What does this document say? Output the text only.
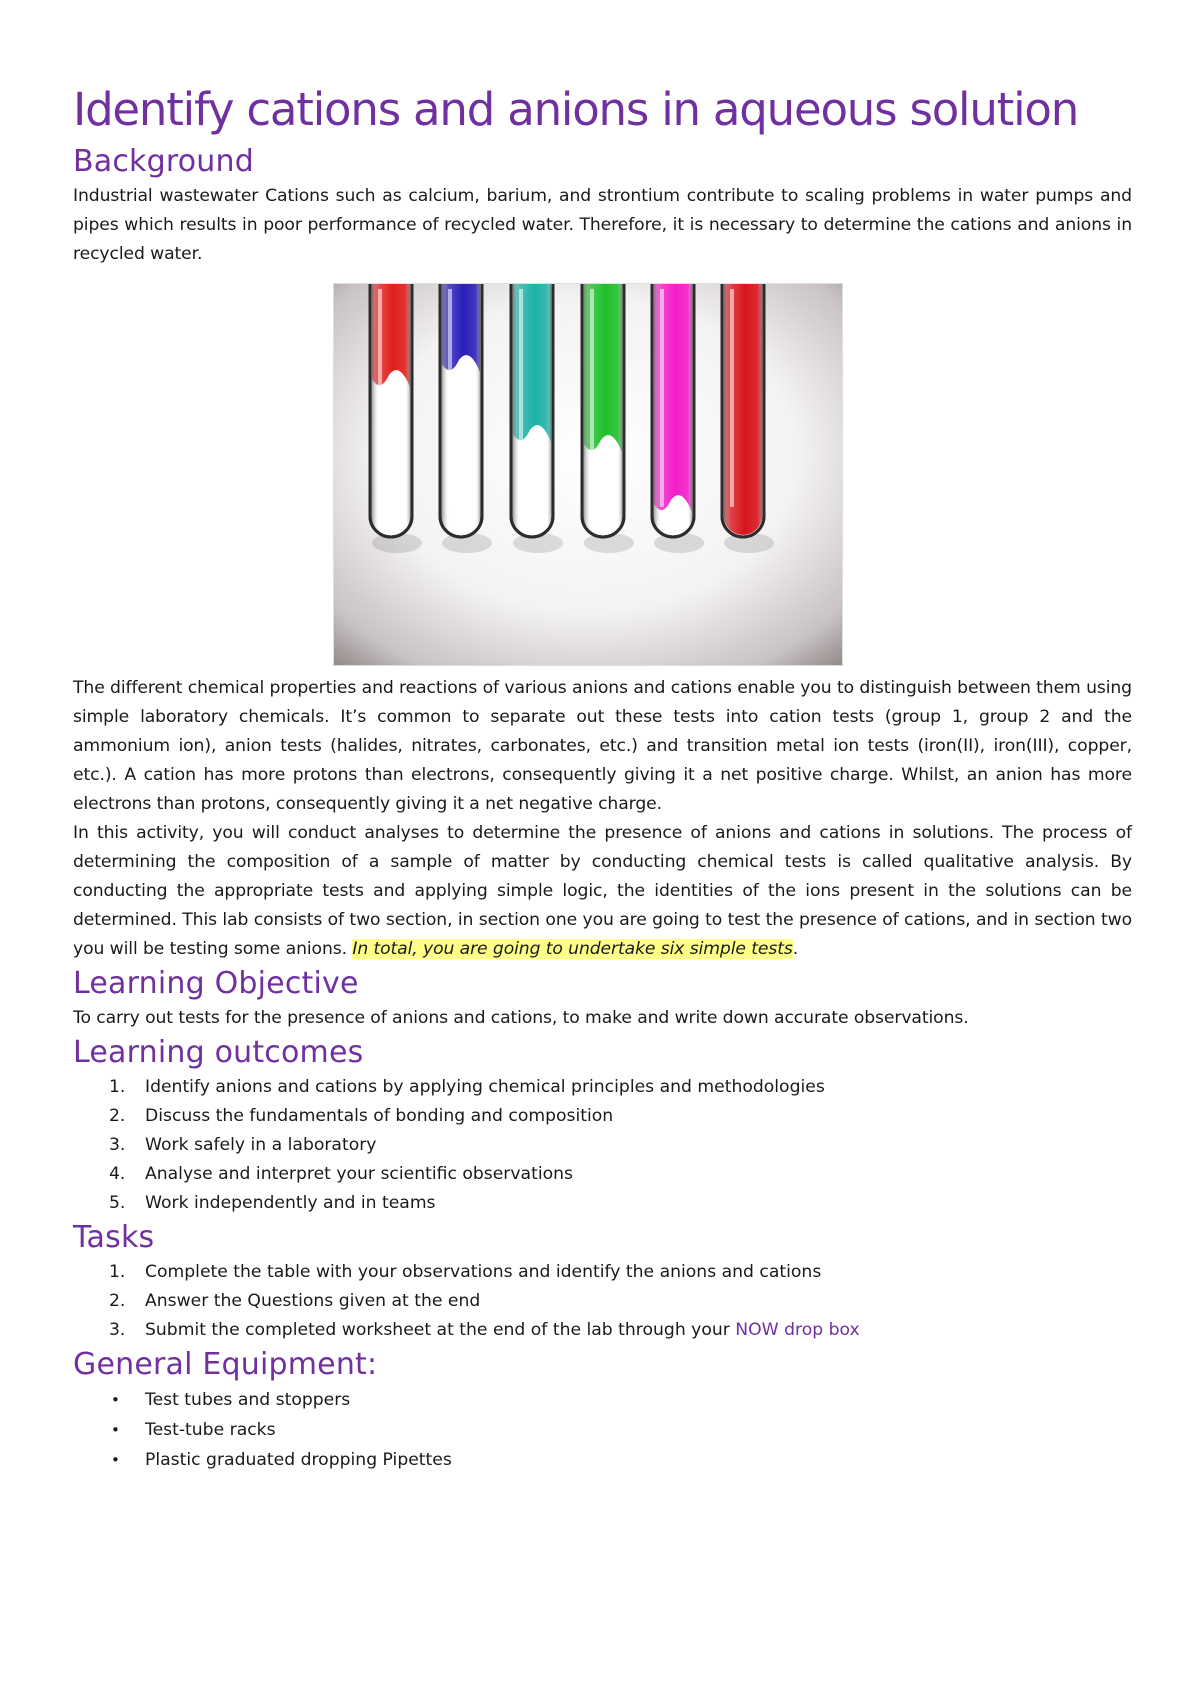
Identify cations and anions in aqueous solution
Background

Industrial wastewater Cations such as calcium, barium, and strontium contribute to scaling problems in water pumps and pipes which results in poor performance of recycled water. Therefore, it is necessary to determine the cations and anions in recycled water.

The different chemical properties and reactions of various anions and cations enable you to distinguish between them using simple laboratory chemicals. It’s common to separate out these tests into cation tests (group 1, group 2 and the ammonium ion), anion tests (halides, nitrates, carbonates, etc.) and transition metal ion tests (iron(II), iron(III), copper, etc.). A cation has more protons than electrons, consequently giving it a net positive charge. Whilst, an anion has more electrons than protons, consequently giving it a net negative charge.

In this activity, you will conduct analyses to determine the presence of anions and cations in solutions. The process of determining the composition of a sample of matter by conducting chemical tests is called qualitative analysis. By conducting the appropriate tests and applying simple logic, the identities of the ions present in the solutions can be determined. This lab consists of two section, in section one you are going to test the presence of cations, and in section two you will be testing some anions. In total, you are going to undertake six simple tests.

Learning Objective

To carry out tests for the presence of anions and cations, to make and write down accurate observations.

Learning outcomes
1. Identify anions and cations by applying chemical principles and methodologies
2. Discuss the fundamentals of bonding and composition
3. Work safely in a laboratory
4. Analyse and interpret your scientific observations
5. Work independently and in teams
Tasks
1. Complete the table with your observations and identify the anions and cations
2. Answer the Questions given at the end
3. Submit the completed worksheet at the end of the lab through your NOW drop box
General Equipment:
• Test tubes and stoppers
• Test-tube racks
• Plastic graduated dropping Pipettes
